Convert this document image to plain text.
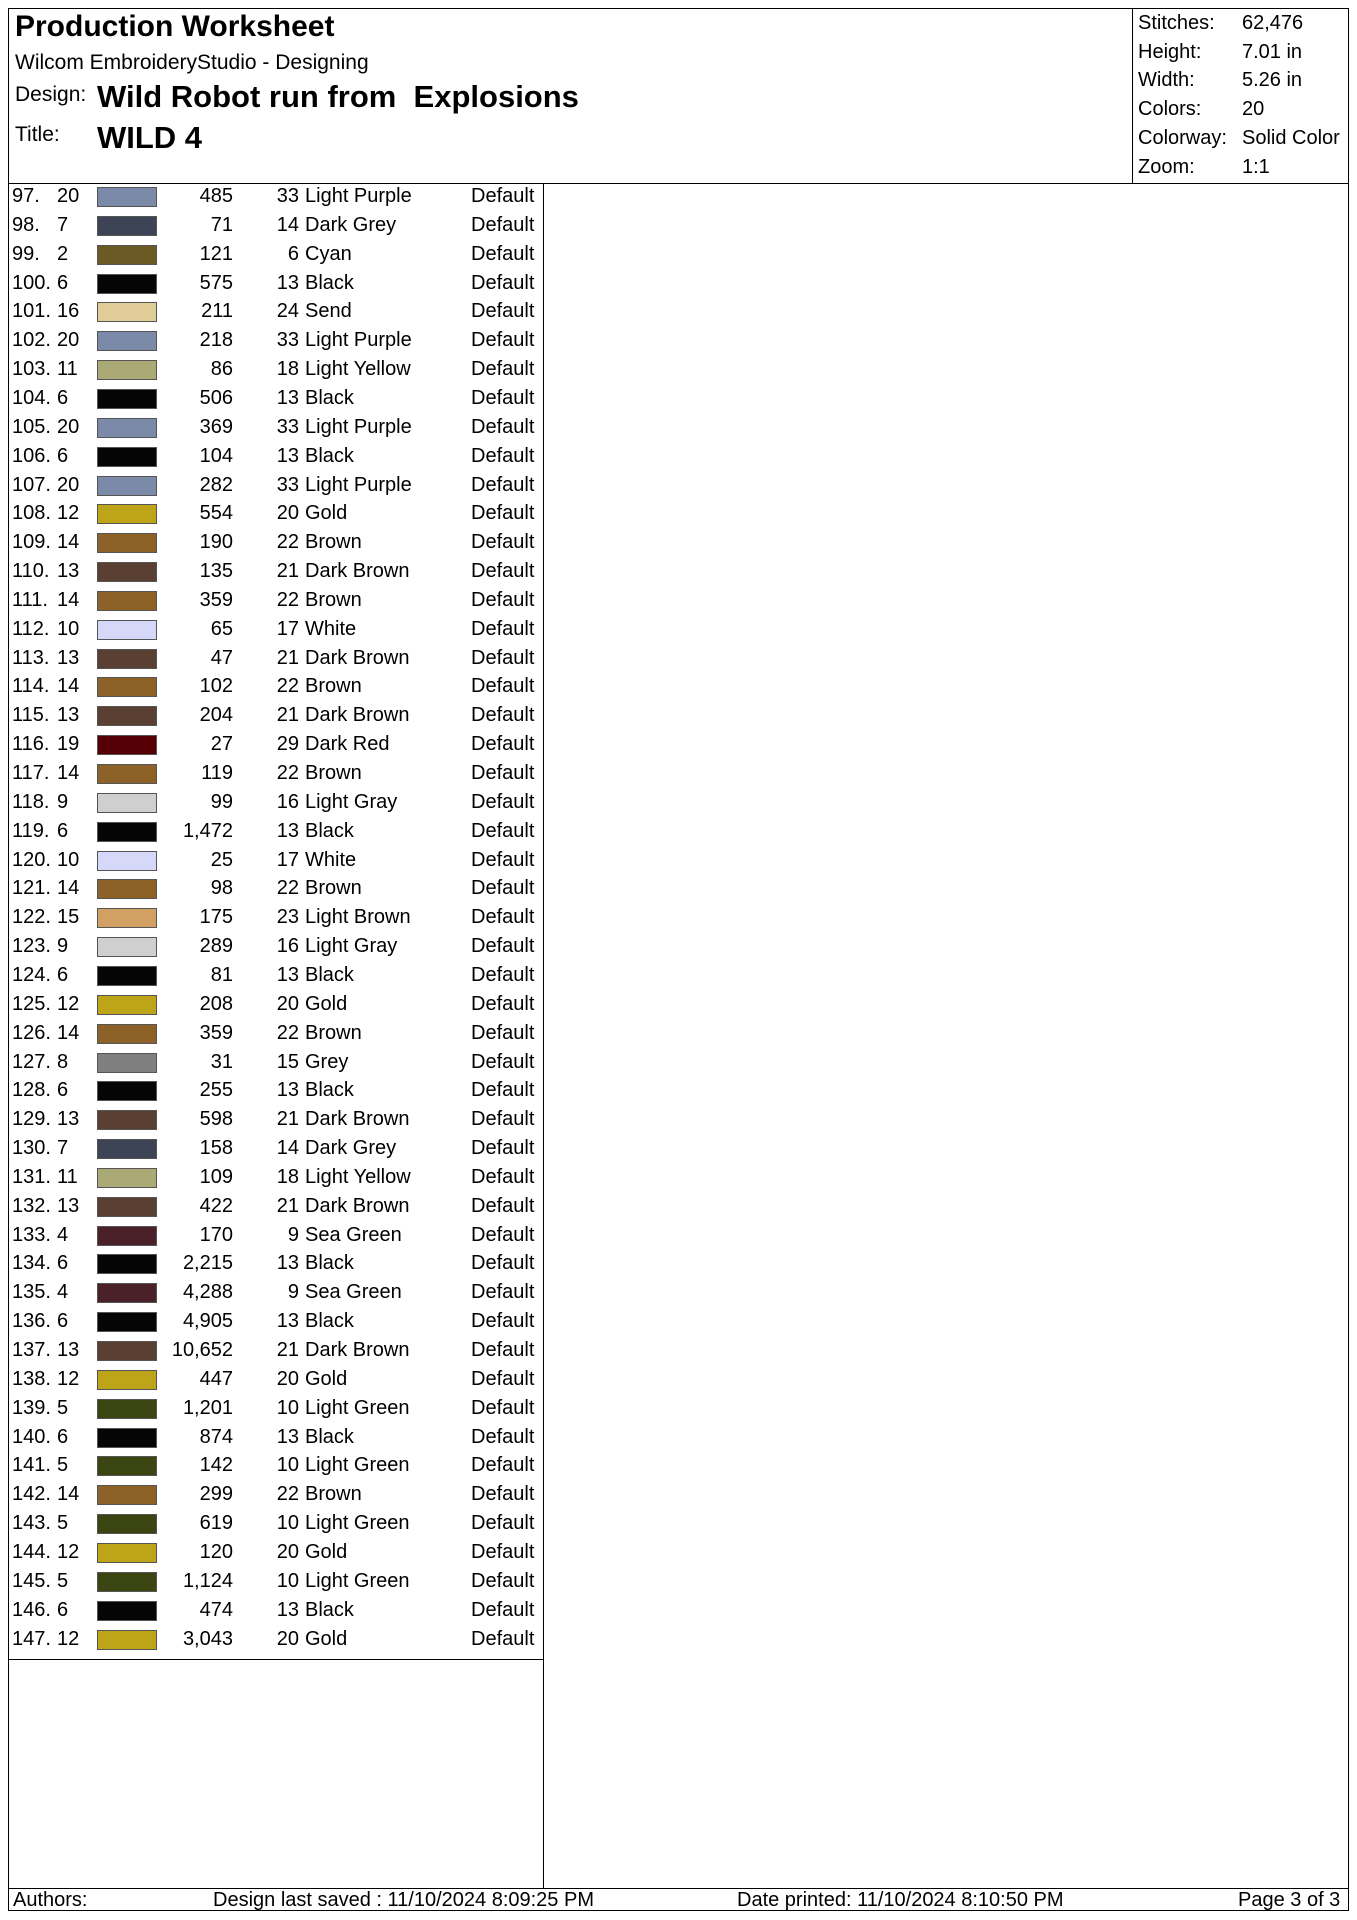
Production Worksheet
Wilcom EmbroideryStudio - Designing
Design: Wild Robot run from  Explosions
Title: WILD 4
Stitches: 62,476
Height: 7.01 in
Width: 5.26 in
Colors: 20
Colorway: Solid Color
Zoom: 1:1
97. 20	485	33 Light Purple	Default
98. 7	71	14 Dark Grey	Default
99. 2	121	6 Cyan	Default
100. 6	575	13 Black	Default
101. 16	211	24 Send	Default
102. 20	218	33 Light Purple	Default
103. 11	86	18 Light Yellow	Default
104. 6	506	13 Black	Default
105. 20	369	33 Light Purple	Default
106. 6	104	13 Black	Default
107. 20	282	33 Light Purple	Default
108. 12	554	20 Gold	Default
109. 14	190	22 Brown	Default
110. 13	135	21 Dark Brown	Default
111. 14	359	22 Brown	Default
112. 10	65	17 White	Default
113. 13	47	21 Dark Brown	Default
114. 14	102	22 Brown	Default
115. 13	204	21 Dark Brown	Default
116. 19	27	29 Dark Red	Default
117. 14	119	22 Brown	Default
118. 9	99	16 Light Gray	Default
119. 6	1,472	13 Black	Default
120. 10	25	17 White	Default
121. 14	98	22 Brown	Default
122. 15	175	23 Light Brown	Default
123. 9	289	16 Light Gray	Default
124. 6	81	13 Black	Default
125. 12	208	20 Gold	Default
126. 14	359	22 Brown	Default
127. 8	31	15 Grey	Default
128. 6	255	13 Black	Default
129. 13	598	21 Dark Brown	Default
130. 7	158	14 Dark Grey	Default
131. 11	109	18 Light Yellow	Default
132. 13	422	21 Dark Brown	Default
133. 4	170	9 Sea Green	Default
134. 6	2,215	13 Black	Default
135. 4	4,288	9 Sea Green	Default
136. 6	4,905	13 Black	Default
137. 13	10,652	21 Dark Brown	Default
138. 12	447	20 Gold	Default
139. 5	1,201	10 Light Green	Default
140. 6	874	13 Black	Default
141. 5	142	10 Light Green	Default
142. 14	299	22 Brown	Default
143. 5	619	10 Light Green	Default
144. 12	120	20 Gold	Default
145. 5	1,124	10 Light Green	Default
146. 6	474	13 Black	Default
147. 12	3,043	20 Gold	Default
Authors:	Design last saved : 11/10/2024 8:09:25 PM	Date printed: 11/10/2024 8:10:50 PM	Page 3 of 3
